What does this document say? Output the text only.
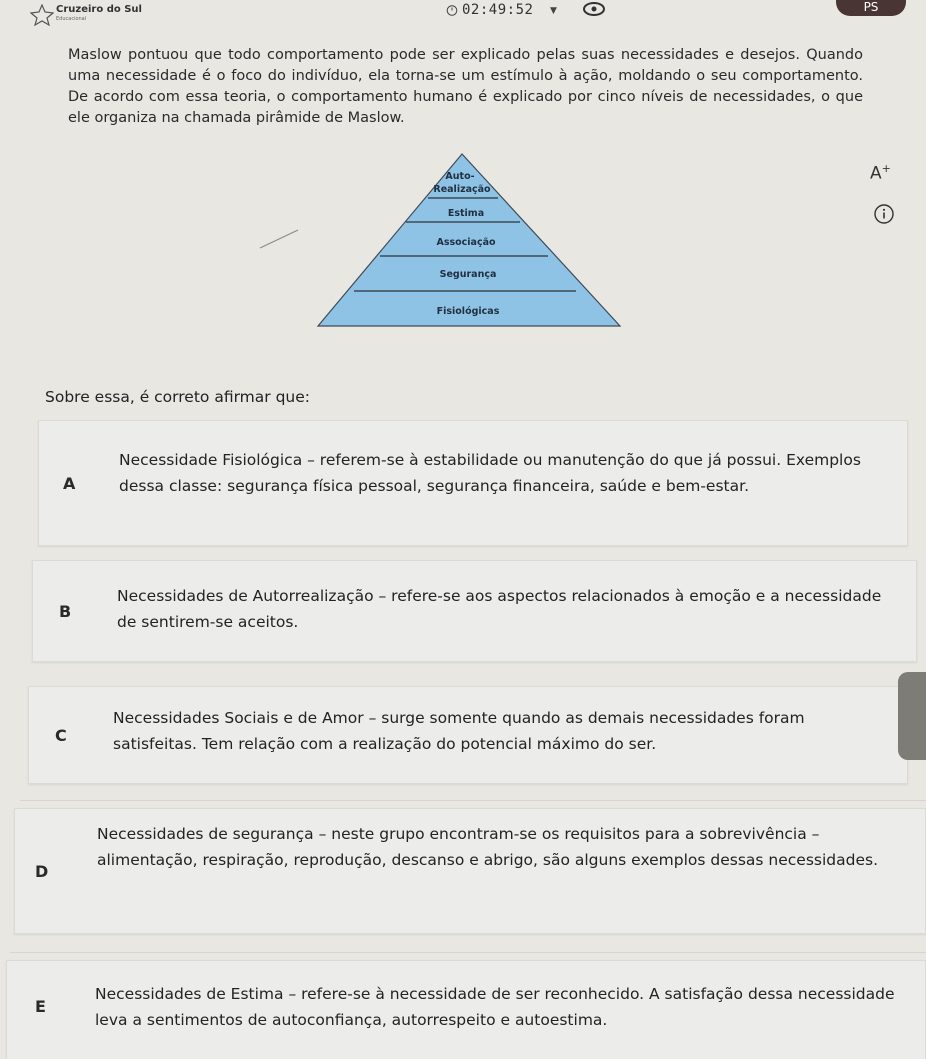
Cruzeiro do Sul
Educacional
02:49:52 ▼	PS

Maslow pontuou que todo comportamento pode ser explicado pelas suas necessidades e desejos. Quando uma necessidade é o foco do indivíduo, ela torna-se um estímulo à ação, moldando o seu comportamento. De acordo com essa teoria, o comportamento humano é explicado por cinco níveis de necessidades, o que ele organiza na chamada pirâmide de Maslow.

Auto-
Realização
Estima
Associação
Segurança
Fisiológicas
A+
Sobre essa, é correto afirmar que:
A
Necessidade Fisiológica – referem-se à estabilidade ou manutenção do que já possui. Exemplos dessa classe: segurança física pessoal, segurança financeira, saúde e bem-estar.
B
Necessidades de Autorrealização – refere-se aos aspectos relacionados à emoção e a necessidade de sentirem-se aceitos.
C
Necessidades Sociais e de Amor – surge somente quando as demais necessidades foram satisfeitas. Tem relação com a realização do potencial máximo do ser.
D
Necessidades de segurança – neste grupo encontram-se os requisitos para a sobrevivência – alimentação, respiração, reprodução, descanso e abrigo, são alguns exemplos dessas necessidades.
E
Necessidades de Estima – refere-se à necessidade de ser reconhecido. A satisfação dessa necessidade leva a sentimentos de autoconfiança, autorrespeito e autoestima.
